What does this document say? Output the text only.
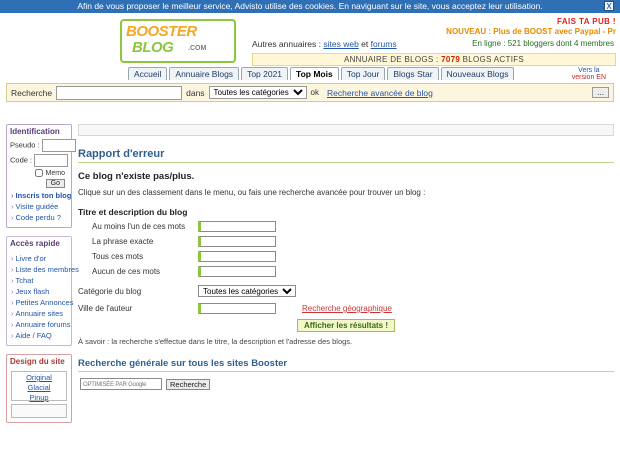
Afin de vous proposer le meilleur service, Advisto utilise des cookies. En naviguant sur le site, vous acceptez leur utilisation.	X
BOOSTER
BLOG .COM
FAIS TA PUB !
NOUVEAU : Plus de BOOST avec Paypal - Pr
Autres annuaires : sites web et forums	En ligne : 521 bloggers dont 4 membres
ANNUAIRE DE BLOGS : 7079 BLOGS ACTIFS
Accueil	Annuaire Blogs	Top 2021	Top Mois	Top Jour	Blogs Star	Nouveaux Blogs	Vers la
version EN
Recherche	dans
Toutes les catégories	ok Recherche avancée de blog	...
Identification
Pseudo :
Code :
Memo
Go
› Inscris ton blog
› Visite guidée
› Code perdu ?
Accès rapide
› Livre d'or
› Liste des membres
› Tchat
› Jeux flash
› Petites Annonces
› Annuaire sites
› Annuaire forums
› Aide / FAQ
Design du site
Original
Glacial
Pinup
Rapport d'erreur
Ce blog n'existe pas/plus.

Clique sur un des classement dans le menu, ou fais une recherche avancée pour trouver un blog :

Titre et description du blog
Au moins l'un de ces mots
La phrase exacte
Tous ces mots
Aucun de ces mots
Catégorie du blog
Toutes les catégories
Ville de l'auteur	Recherche géographique
Afficher les résultats !

À savoir : la recherche s'effectue dans le titre, la description et l'adresse des blogs.

Recherche générale sur tous les sites Booster
OPTIMISÉE PAR Google	Recherche
